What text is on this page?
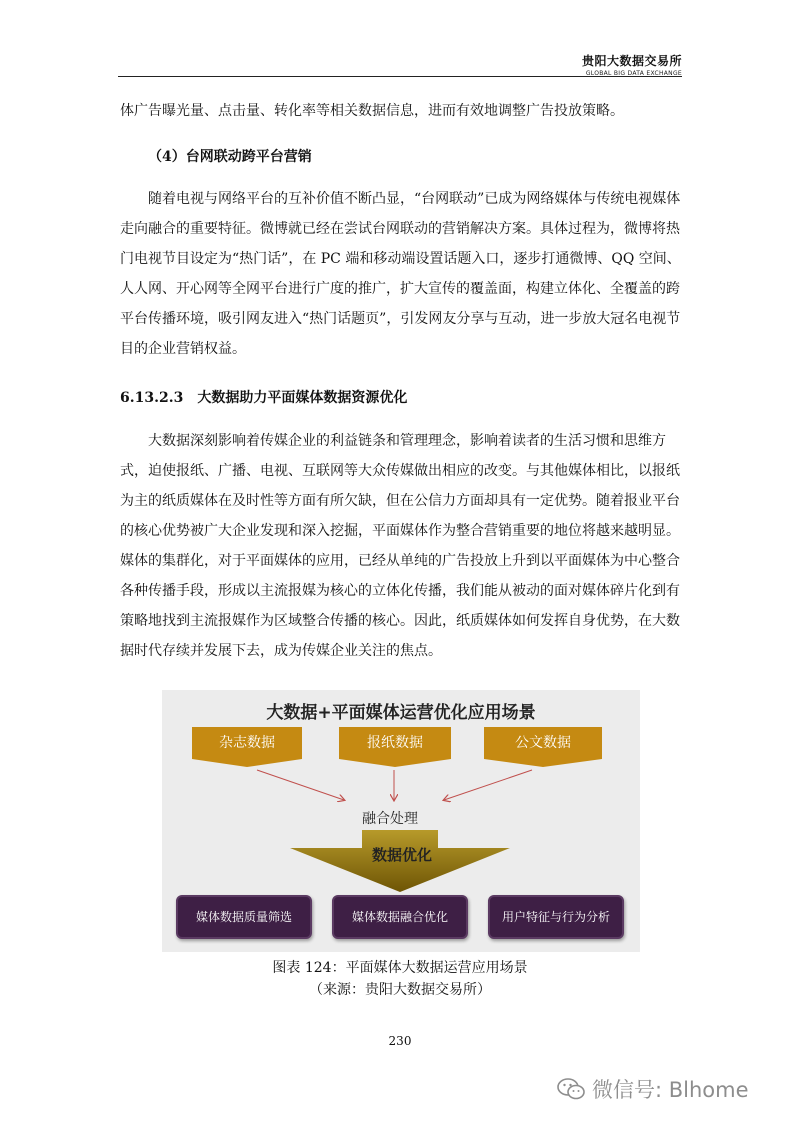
贵阳大数据交易所
GLOBAL BIG DATA EXCHANGE

体广告曝光量、点击量、转化率等相关数据信息，进而有效地调整广告投放策略。

（4）台网联动跨平台营销

随着电视与网络平台的互补价值不断凸显，“台网联动”已成为网络媒体与传统电视媒体走向融合的重要特征。微博就已经在尝试台网联动的营销解决方案。具体过程为，微博将热门电视节目设定为“热门话”，在 PC 端和移动端设置话题入口，逐步打通微博、QQ 空间、人人网、开心网等全网平台进行广度的推广，扩大宣传的覆盖面，构建立体化、全覆盖的跨平台传播环境，吸引网友进入“热门话题页”，引发网友分享与互动，进一步放大冠名电视节目的企业营销权益。

6.13.2.3　大数据助力平面媒体数据资源优化

大数据深刻影响着传媒企业的利益链条和管理理念，影响着读者的生活习惯和思维方式，迫使报纸、广播、电视、互联网等大众传媒做出相应的改变。与其他媒体相比，以报纸为主的纸质媒体在及时性等方面有所欠缺，但在公信力方面却具有一定优势。随着报业平台的核心优势被广大企业发现和深入挖掘，平面媒体作为整合营销重要的地位将越来越明显。媒体的集群化，对于平面媒体的应用，已经从单纯的广告投放上升到以平面媒体为中心整合各种传播手段，形成以主流报媒为核心的立体化传播，我们能从被动的面对媒体碎片化到有策略地找到主流报媒作为区域整合传播的核心。因此，纸质媒体如何发挥自身优势，在大数据时代存续并发展下去，成为传媒企业关注的焦点。

大数据+平面媒体运营优化应用场景
杂志数据	报纸数据	公文数据
融合处理
数据优化
媒体数据质量筛选	媒体数据融合优化	用户特征与行为分析
图表 124：平面媒体大数据运营应用场景
（来源：贵阳大数据交易所）
230
微信号: Blhome
